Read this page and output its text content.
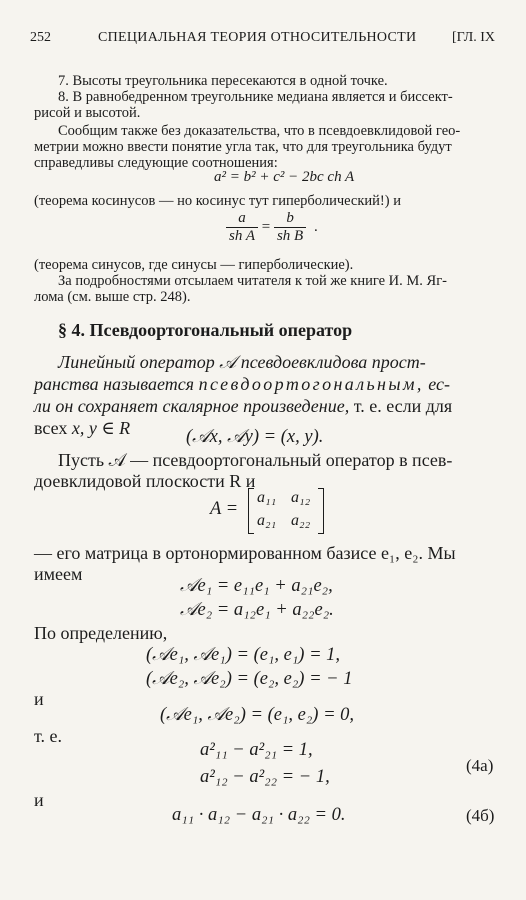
252	СПЕЦИАЛЬНАЯ ТЕОРИЯ ОТНОСИТЕЛЬНОСТИ	[ГЛ. IX
7. Высоты треугольника пересекаются в одной точке.
8. В равнобедренном треугольнике медиана является и биссект-
рисой и высотой.
Сообщим также без доказательства, что в псевдоевклидовой гео-
метрии можно ввести понятие угла так, что для треугольника будут
справедливы следующие соотношения:
a² = b² + c² − 2bc ch A
(теорема косинусов — но косинус тут гиперболический!) и
$\frac{a}{\text{sh A}} = \frac{b}{\text{sh B}}$ .
(теорема синусов, где синусы — гиперболические).
За подробностями отсылаем читателя к той же книге И. М. Яг-
лома (см. выше стр. 248).
§ 4. Псевдоортогональный оператор
Линейный оператор 𝒜 псевдоевклидова прост-
ранства называется псевдоортогональным, ес-
ли он сохраняет скалярное произведение, т. е. если для
всех x, y ∈ R	(𝒜x, 𝒜y) = (x, y).
Пусть 𝒜 — псевдоортогональный оператор в псев-
доевклидовой плоскости R и
A =
a₁₁ a₁₂
a₂₁ a₂₂
— его матрица в ортонормированном базисе e₁, e₂. Мы
имеем
𝒜e₁ = e₁₁e₁ + a₂₁e₂,
𝒜e₂ = a₁₂e₁ + a₂₂e₂.
По определению,
(𝒜e₁, 𝒜e₁) = (e₁, e₁) = 1,
(𝒜e₂, 𝒜e₂) = (e₂, e₂) = − 1
и
(𝒜e₁, 𝒜e₂) = (e₁, e₂) = 0,
т. е.
a²₁₁ − a²₂₁ = 1,
a²₁₂ − a²₂₂ = − 1,
(4а)
и
a₁₁ · a₁₂ − a₂₁ · a₂₂ = 0.	(4б)
